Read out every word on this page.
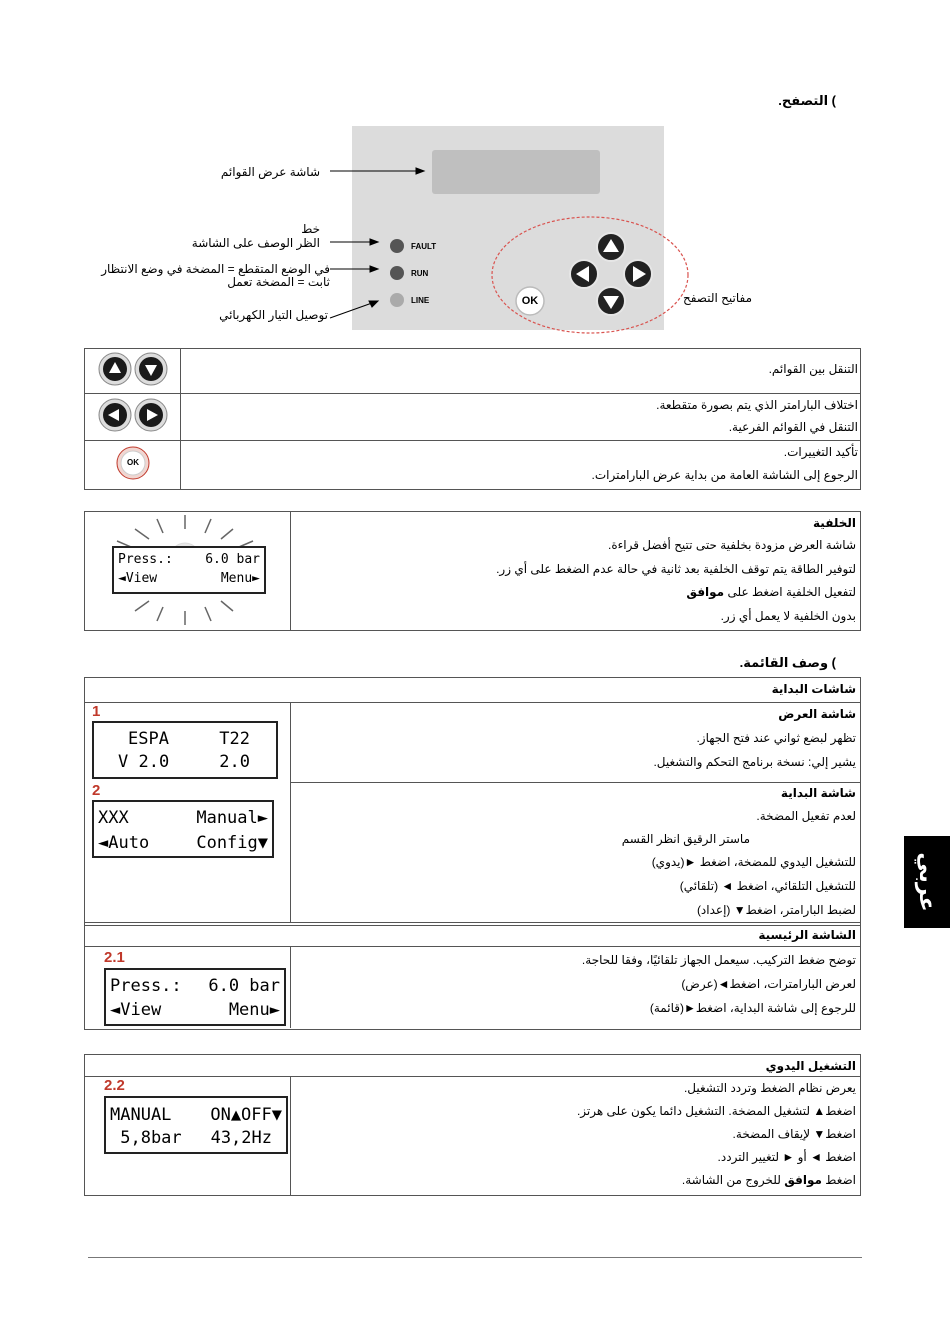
) التصفح.
FAULT
RUN
LINE	OK
شاشة عرض القوائم
خط
الظر الوصف على الشاشة
في الوضع المتقطع = المضخة في وضع الانتظار
ثابت = المضخة تعمل
توصيل التيار الكهربائي
مفاتيح التصفح
OK
التنقل بين القوائم.
اختلاف البارامتر الذي يتم بصورة متقطعة.
التنقل في القوائم الفرعية.
تأكيد التغييرات.
الرجوع إلى الشاشة العامة من بداية عرض البارامترات.
Press.: 6.0 bar
◄View	Menu►
الخلفية
شاشة العرض مزودة بخلفية حتى تتيح أفضل قراءة.
لتوفير الطاقة يتم توقف الخلفية بعد ثانية في حالة عدم الضغط على أي زر.
لتفعيل الخلفية اضغط على موافق
بدون الخلفية لا يعمل أي زر.
) وصف القائمة.
شاشات البداية
1
ESPA	T22
V 2.0	2.0
شاشة العرض
تظهر لبضع ثواني عند فتح الجهاز.
يشير إلي: نسخة برنامج التحكم والتشغيل.
2
XXX	Manual►
◄Auto	Config▼
شاشة البداية
لعدم تفعيل المضخة.
ماستر الرقيق انظر القسم
للتشغيل اليدوي للمضخة، اضغط ►(يدوي)
للتشغيل التلقائي، اضغط ◄ (تلقائي)
لضبط البارامتر، اضغط▼ (إعداد)
الشاشة الرئيسية
2.1
Press.: 6.0 bar
◄View	Menu►
توضح ضغط التركيب. سيعمل الجهاز تلقائيًا، وفقا للحاجة.
لعرض البارامترات، اضغط◄(عرض)
للرجوع إلى شاشة البداية، اضغط►(قائمة)
التشغيل اليدوي
2.2
MANUAL ON▲OFF▼
5,8bar 43,2Hz
يعرض نظام الضغط وتردد التشغيل.
اضغط▲ لتشغيل المضخة. التشغيل دائما يكون على هرتز.
اضغط▼ لإيقاف المضخة.
اضغط ◄ أو ► لتغيير التردد.
اضغط موافق للخروج من الشاشة.
عربي
